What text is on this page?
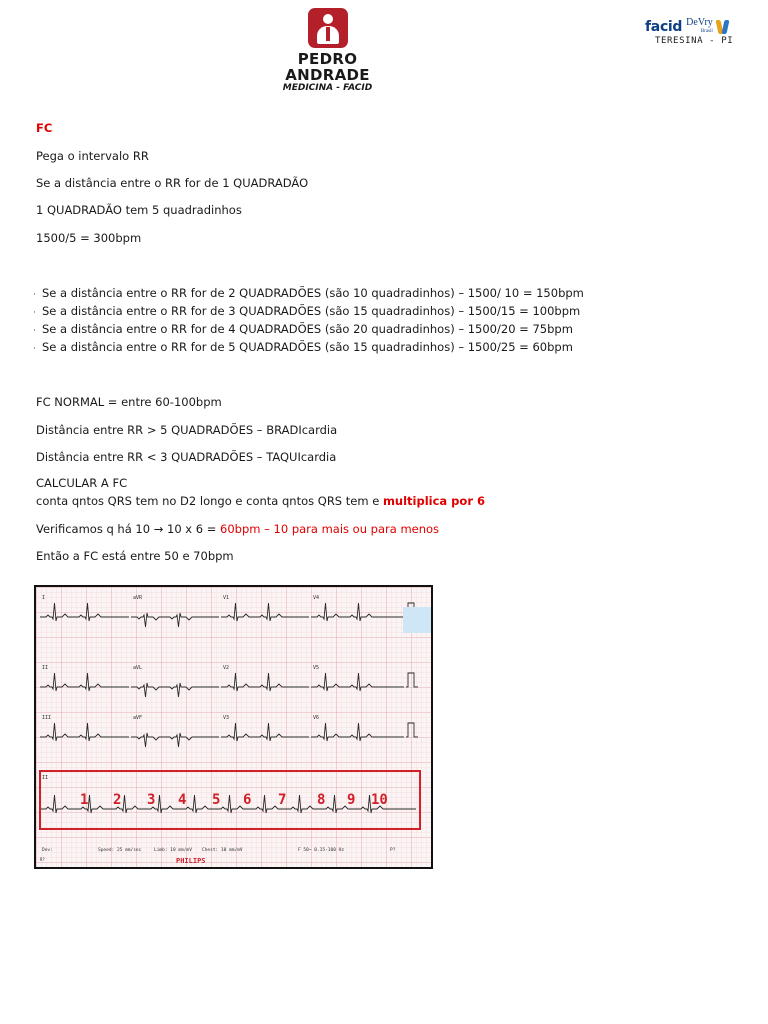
PEDRO ANDRADE
MEDICINA - FACID
facid DeVry
Brasil
TERESINA - PI
FC
Pega o intervalo RR
Se a distância entre o RR for de 1 QUADRADÃO
1 QUADRADÃO tem 5 quadradinhos
1500/5 = 300bpm
· Se a distância entre o RR for de 2 QUADRADÕES (são 10 quadradinhos) – 1500/ 10 = 150bpm
· Se a distância entre o RR for de 3 QUADRADÕES (são 15 quadradinhos) – 1500/15 = 100bpm
· Se a distância entre o RR for de 4 QUADRADÕES (são 20 quadradinhos) – 1500/20 = 75bpm
· Se a distância entre o RR for de 5 QUADRADÕES (são 15 quadradinhos) – 1500/25 = 60bpm
FC NORMAL = entre 60-100bpm
Distância entre RR > 5 QUADRADÕES – BRADIcardia
Distância entre RR < 3 QUADRADÕES – TAQUIcardia
CALCULAR A FC
conta qntos QRS tem no D2 longo e conta qntos QRS tem e multiplica por 6
Verificamos q há 10 → 10 x 6 = 60bpm – 10 para mais ou para menos
Então a FC está entre 50 e 70bpm
I	aVR	V1	V4
II	aVL	V2	V5
III	aVF	V3	V6
II
1 2 3 4 5 6 7 8 9 10
Dev:	Speed: 25 mm/sec	Limb: 10 mm/mV Chest: 10 mm/mV	F 50~ 0.15-100 Hz	P?
R?	PHILIPS
